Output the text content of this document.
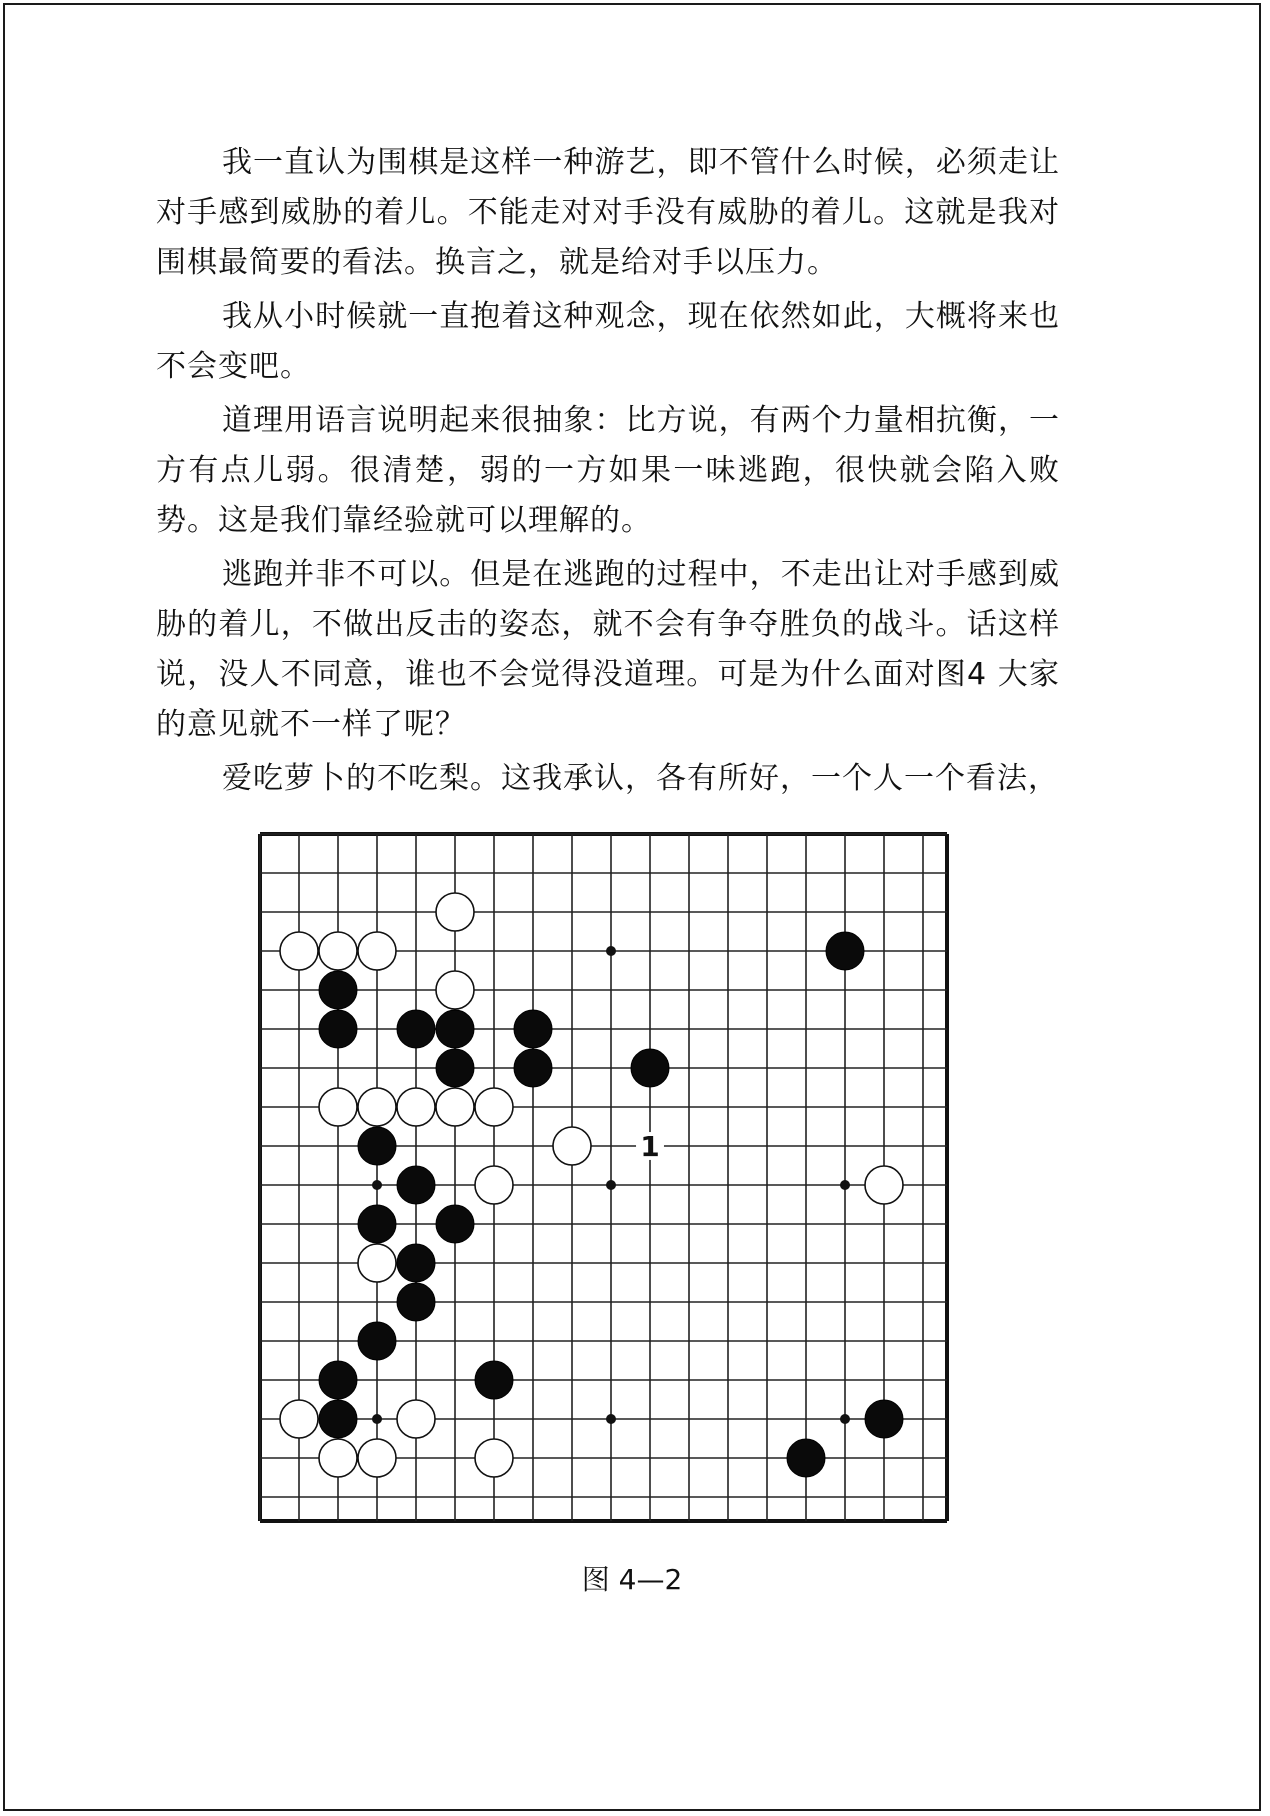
我一直认为围棋是这样一种游艺，即不管什么时候，必须走让对手感到威胁的着儿。不能走对对手没有威胁的着儿。这就是我对围棋最简要的看法。换言之，就是给对手以压力。

我从小时候就一直抱着这种观念，现在依然如此，大概将来也不会变吧。

道理用语言说明起来很抽象：比方说，有两个力量相抗衡，一方有点儿弱。很清楚，弱的一方如果一味逃跑，很快就会陷入败势。这是我们靠经验就可以理解的。

逃跑并非不可以。但是在逃跑的过程中，不走出让对手感到威胁的着儿，不做出反击的姿态，就不会有争夺胜负的战斗。话这样说，没人不同意，谁也不会觉得没道理。可是为什么面对图4 大家的意见就不一样了呢？

爱吃萝卜的不吃梨。这我承认，各有所好，一个人一个看法，

1
图 4—2
